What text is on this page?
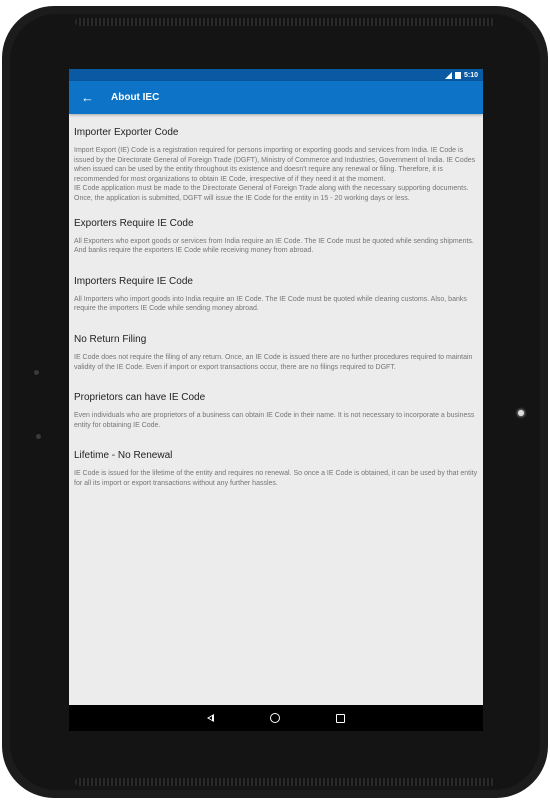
5:10
←	About IEC
Importer Exporter Code

Import Export (IE) Code is a registration required for persons importing or exporting goods and services from India. IE Code is issued by the Directorate General of Foreign Trade (DGFT), Ministry of Commerce and Industries, Government of India. IE Codes when issued can be used by the entity throughout its existence and doesn't require any renewal or filing. Therefore, it is recommended for most organizations to obtain IE Code, irrespective of if they need it at the moment.

IE Code application must be made to the Directorate General of Foreign Trade along with the necessary supporting documents. Once, the application is submitted, DGFT will issue the IE Code for the entity in 15 - 20 working days or less.

Exporters Require IE Code

All Exporters who export goods or services from India require an IE Code. The IE Code must be quoted while sending shipments. And banks require the exporters IE Code while receiving money from abroad.

Importers Require IE Code

All Importers who import goods into India require an IE Code. The IE Code must be quoted while clearing customs. Also, banks require the importers IE Code while sending money abroad.

No Return Filing

IE Code does not require the filing of any return. Once, an IE Code is issued there are no further procedures required to maintain validity of the IE Code. Even if import or export transactions occur, there are no filings required to DGFT.

Proprietors can have IE Code

Even individuals who are proprietors of a business can obtain IE Code in their name. It is not necessary to incorporate a business entity for obtaining IE Code.

Lifetime - No Renewal

IE Code is issued for the lifetime of the entity and requires no renewal. So once a IE Code is obtained, it can be used by that entity for all its import or export transactions without any further hassles.
